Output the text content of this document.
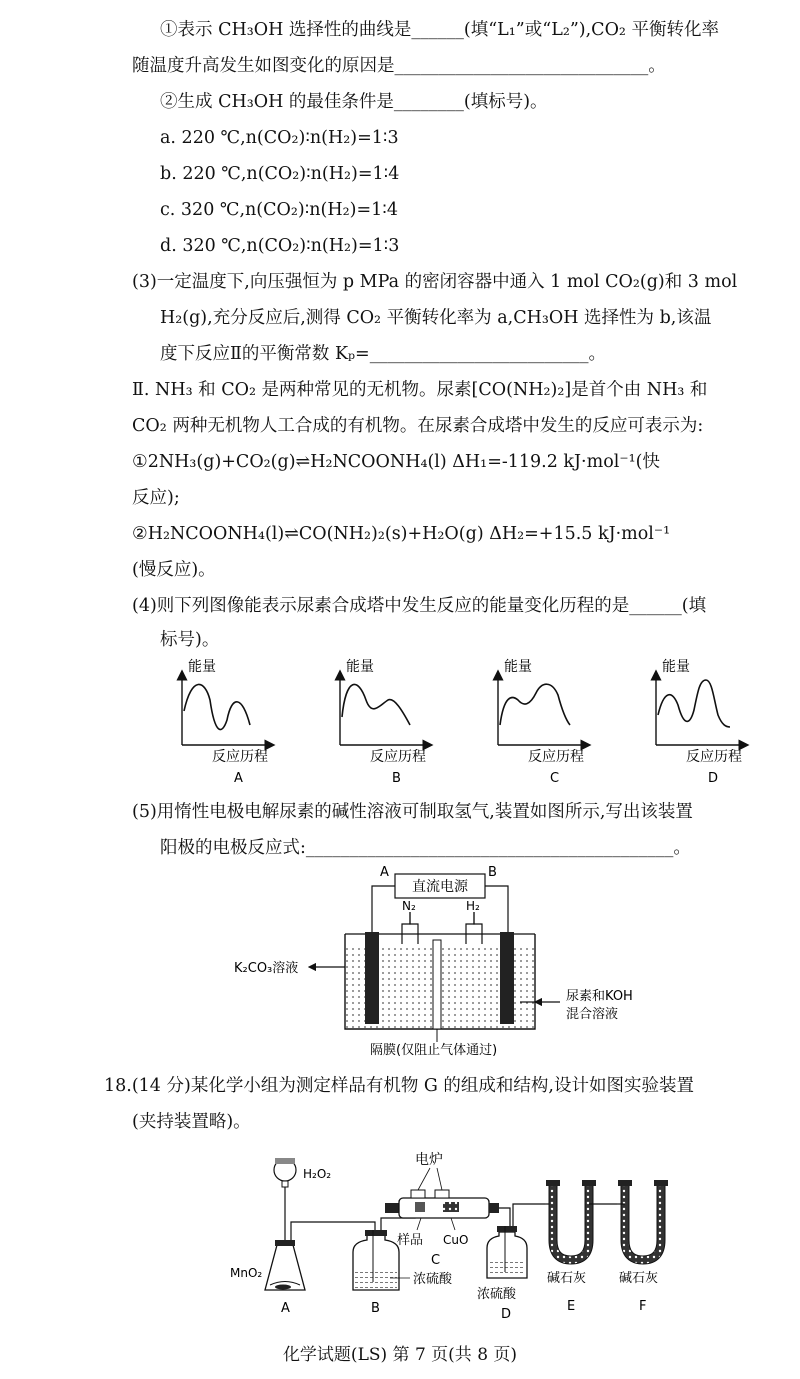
①表示 CH₃OH 选择性的曲线是______(填“L₁”或“L₂”),CO₂ 平衡转化率
随温度升高发生如图变化的原因是_____________________________。
②生成 CH₃OH 的最佳条件是________(填标号)。
a. 220 ℃,n(CO₂)∶n(H₂)=1∶3
b. 220 ℃,n(CO₂)∶n(H₂)=1∶4
c. 320 ℃,n(CO₂)∶n(H₂)=1∶4
d. 320 ℃,n(CO₂)∶n(H₂)=1∶3
(3)一定温度下,向压强恒为 p MPa 的密闭容器中通入 1 mol CO₂(g)和 3 mol
H₂(g),充分反应后,测得 CO₂ 平衡转化率为 a,CH₃OH 选择性为 b,该温
度下反应Ⅱ的平衡常数 Kₚ=_________________________。
Ⅱ. NH₃ 和 CO₂ 是两种常见的无机物。尿素[CO(NH₂)₂]是首个由 NH₃ 和
CO₂ 两种无机物人工合成的有机物。在尿素合成塔中发生的反应可表示为:
①2NH₃(g)+CO₂(g)⇌H₂NCOONH₄(l) ΔH₁=-119.2 kJ·mol⁻¹(快
反应);
②H₂NCOONH₄(l)⇌CO(NH₂)₂(s)+H₂O(g) ΔH₂=+15.5 kJ·mol⁻¹
(慢反应)。
(4)则下列图像能表示尿素合成塔中发生反应的能量变化历程的是______(填
标号)。
能量
反应历程
A
能量
反应历程
B
能量
反应历程
C
能量
反应历程
D
(5)用惰性电极电解尿素的碱性溶液可制取氢气,装置如图所示,写出该装置
阳极的电极反应式:__________________________________________。
直流电源
A	B
N₂	H₂
K₂CO₃溶液
尿素和KOH
混合溶液
隔膜(仅阻止气体通过)
18.(14 分)某化学小组为测定样品有机物 G 的组成和结构,设计如图实验装置
(夹持装置略)。
H₂O₂
MnO₂
A
浓硫酸
B
电炉
样品 CuO
C
浓硫酸
D
碱石灰
E
碱石灰
F
化学试题(LS) 第 7 页(共 8 页)
